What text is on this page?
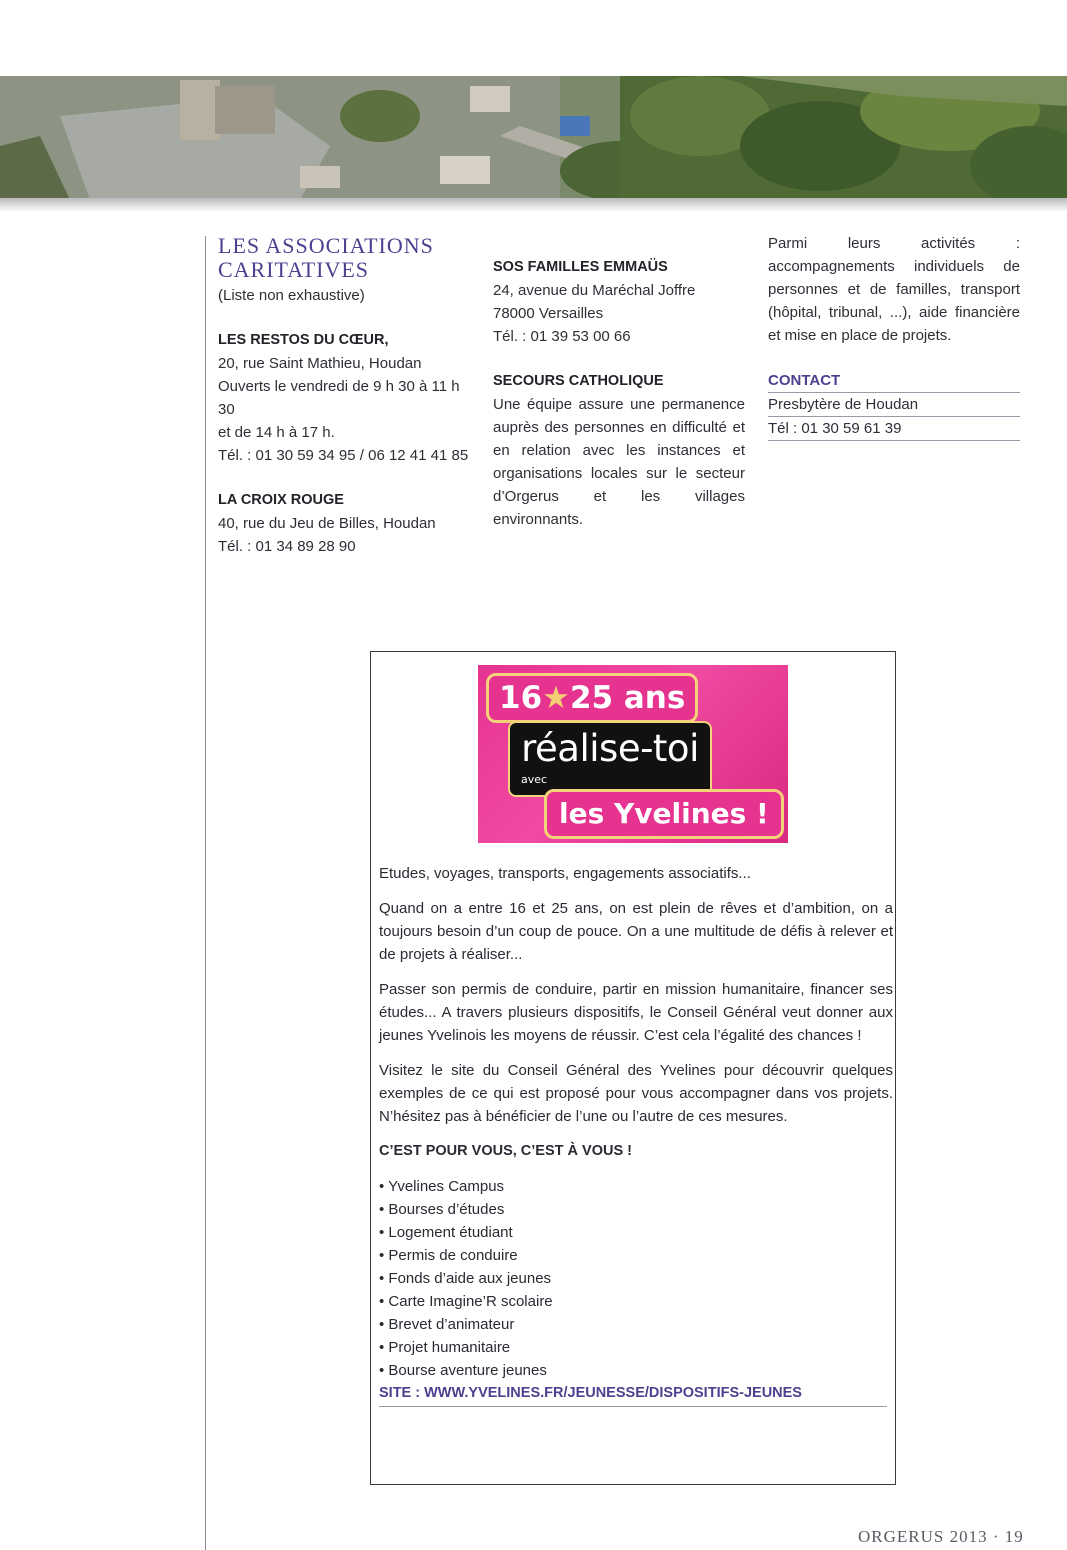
LES ASSOCIATIONS
CARITATIVES

(Liste non exhaustive)

LES RESTOS DU CŒUR,

20, rue Saint Mathieu, Houdan

Ouverts le vendredi de 9 h 30 à 11 h 30

et de 14 h à 17 h.

Tél. : 01 30 59 34 95 / 06 12 41 41 85

LA CROIX ROUGE

40, rue du Jeu de Billes, Houdan

Tél. : 01 34 89 28 90

SOS FAMILLES EMMAÜS

24, avenue du Maréchal Joffre

78000 Versailles

Tél. : 01 39 53 00 66

SECOURS CATHOLIQUE

Une équipe assure une permanence auprès des personnes en difficulté et en relation avec les instances et organisations locales sur le secteur d’Orgerus et les villages environnants.

Parmi leurs activités : accompagnements individuels de personnes et de familles, transport (hôpital, tribunal, ...), aide financière et mise en place de projets.

CONTACT

Presbytère de Houdan

Tél : 01 30 59 61 39

16★25 ans
réalise-toi
avec
les Yvelines !

Etudes, voyages, transports, engagements associatifs...

Quand on a entre 16 et 25 ans, on est plein de rêves et d’ambition, on a toujours besoin d’un coup de pouce. On a une multitude de défis à relever et de projets à réaliser...

Passer son permis de conduire, partir en mission humanitaire, financer ses études... A travers plusieurs dispositifs, le Conseil Général veut donner aux jeunes Yvelinois les moyens de réussir. C’est cela l’égalité des chances !

Visitez le site du Conseil Général des Yvelines pour découvrir quelques exemples de ce qui est proposé pour vous accompagner dans vos projets. N’hésitez pas à bénéficier de l’une ou l’autre de ces mesures.

C’EST POUR VOUS, C’EST À VOUS !

• Yvelines Campus
• Bourses d’études
• Logement étudiant
• Permis de conduire
• Fonds d’aide aux jeunes
• Carte Imagine’R scolaire
• Brevet d’animateur
• Projet humanitaire
• Bourse aventure jeunes

SITE : WWW.YVELINES.FR/JEUNESSE/DISPOSITIFS-JEUNES

ORGERUS 2013 · 19
